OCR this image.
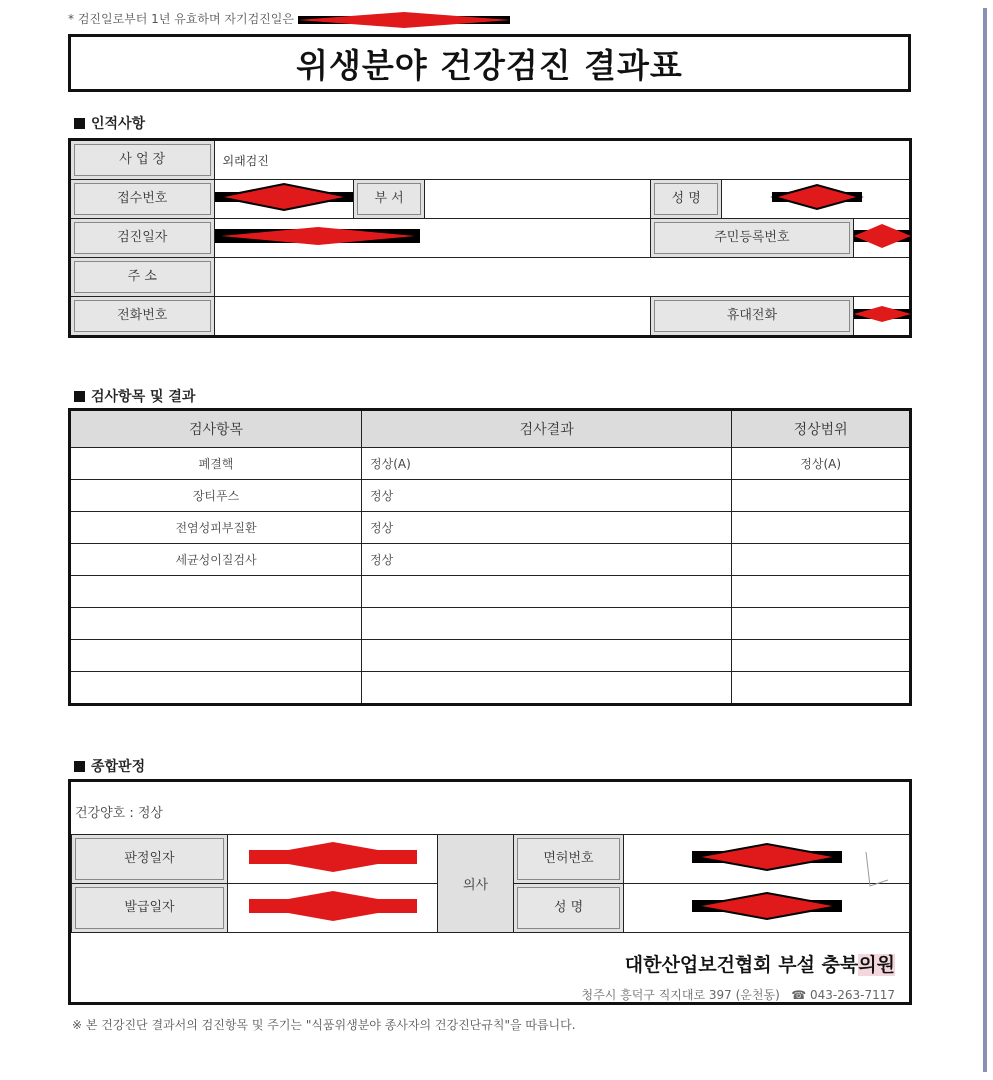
* 검진일로부터 1년 유효하며 자기검진일은
위생분야 건강검진 결과표
인적사항
사 업 장	외래검진					

접수번호		부 서		성 명

검진일자				주민등록번호

주 소						

전화번호				휴대전화

검사항목 및 결과
검사항목	검사결과	정상범위
폐결핵	정상(A)	정상(A)
장티푸스	정상	
전염성피부질환	정상	
세균성이질검사	정상	

종합판정
건강양호 : 정상
판정일자		의사	면허번호

발급일자			성 명

대한산업보건협회 부설 충북의원
청주시 흥덕구 직지대로 397 (운천동) ☎ 043-263-7117
※ 본 건강진단 결과서의 검진항목 및 주기는 "식품위생분야 종사자의 건강진단규칙"을 따릅니다.
